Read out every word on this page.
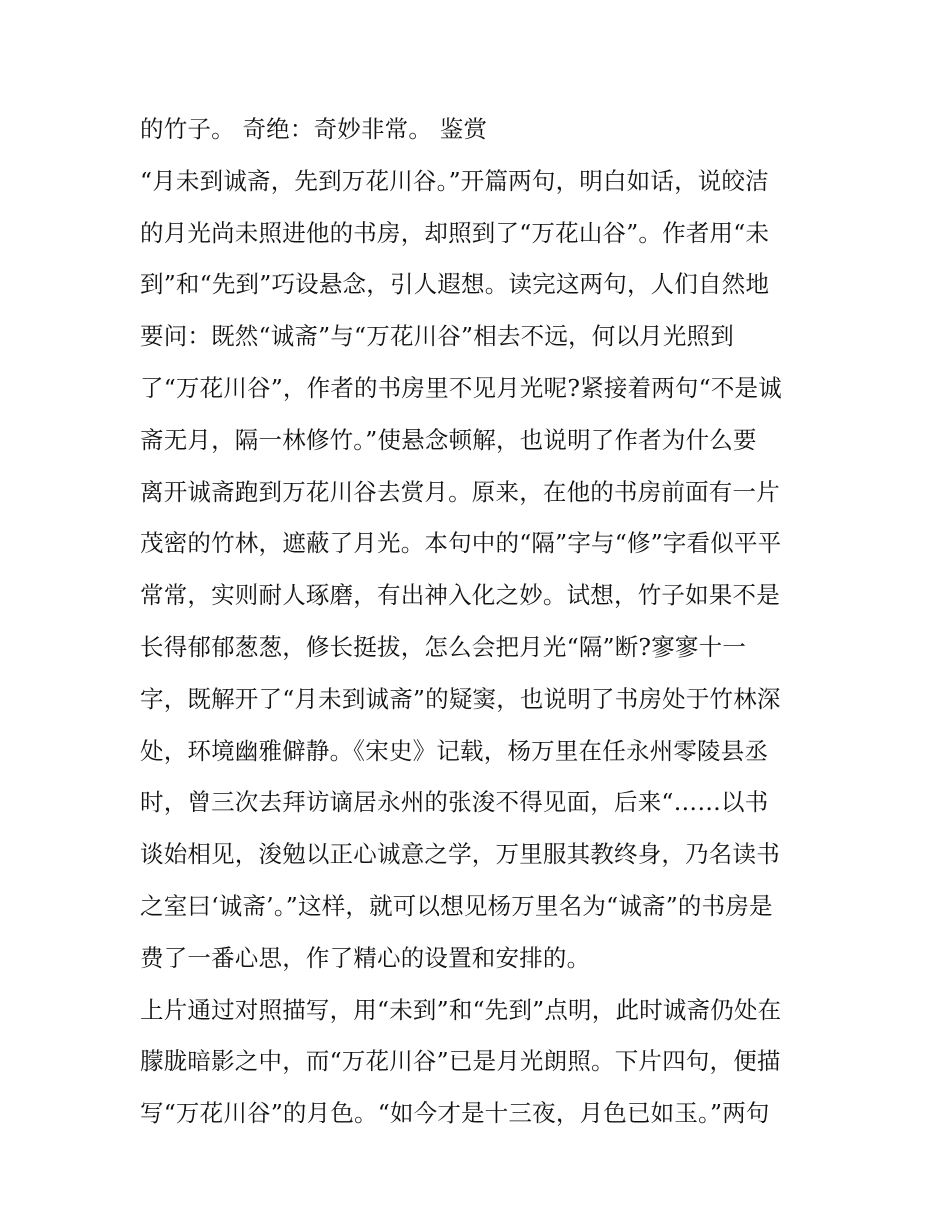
的竹子。 奇绝：奇妙非常。 鉴赏
“月未到诚斋，先到万花川谷。”开篇两句，明白如话，说皎洁
的月光尚未照进他的书房，却照到了“万花山谷”。作者用“未
到”和“先到”巧设悬念，引人遐想。读完这两句，人们自然地
要问：既然“诚斋”与“万花川谷”相去不远，何以月光照到
了“万花川谷”，作者的书房里不见月光呢?紧接着两句“不是诚
斋无月，隔一林修竹。”使悬念顿解，也说明了作者为什么要
离开诚斋跑到万花川谷去赏月。原来，在他的书房前面有一片
茂密的竹林，遮蔽了月光。本句中的“隔”字与“修”字看似平平
常常，实则耐人琢磨，有出神入化之妙。试想，竹子如果不是
长得郁郁葱葱，修长挺拔，怎么会把月光“隔”断?寥寥十一
字，既解开了“月未到诚斋”的疑窦，也说明了书房处于竹林深
处，环境幽雅僻静。《宋史》记载，杨万里在任永州零陵县丞
时，曾三次去拜访谪居永州的张浚不得见面，后来“……以书
谈始相见，浚勉以正心诚意之学，万里服其教终身，乃名读书
之室曰‘诚斋’。”这样，就可以想见杨万里名为“诚斋”的书房是
费了一番心思，作了精心的设置和安排的。
上片通过对照描写，用“未到”和“先到”点明，此时诚斋仍处在
朦胧暗影之中，而“万花川谷”已是月光朗照。下片四句，便描
写“万花川谷”的月色。“如今才是十三夜，月色已如玉。”两句
